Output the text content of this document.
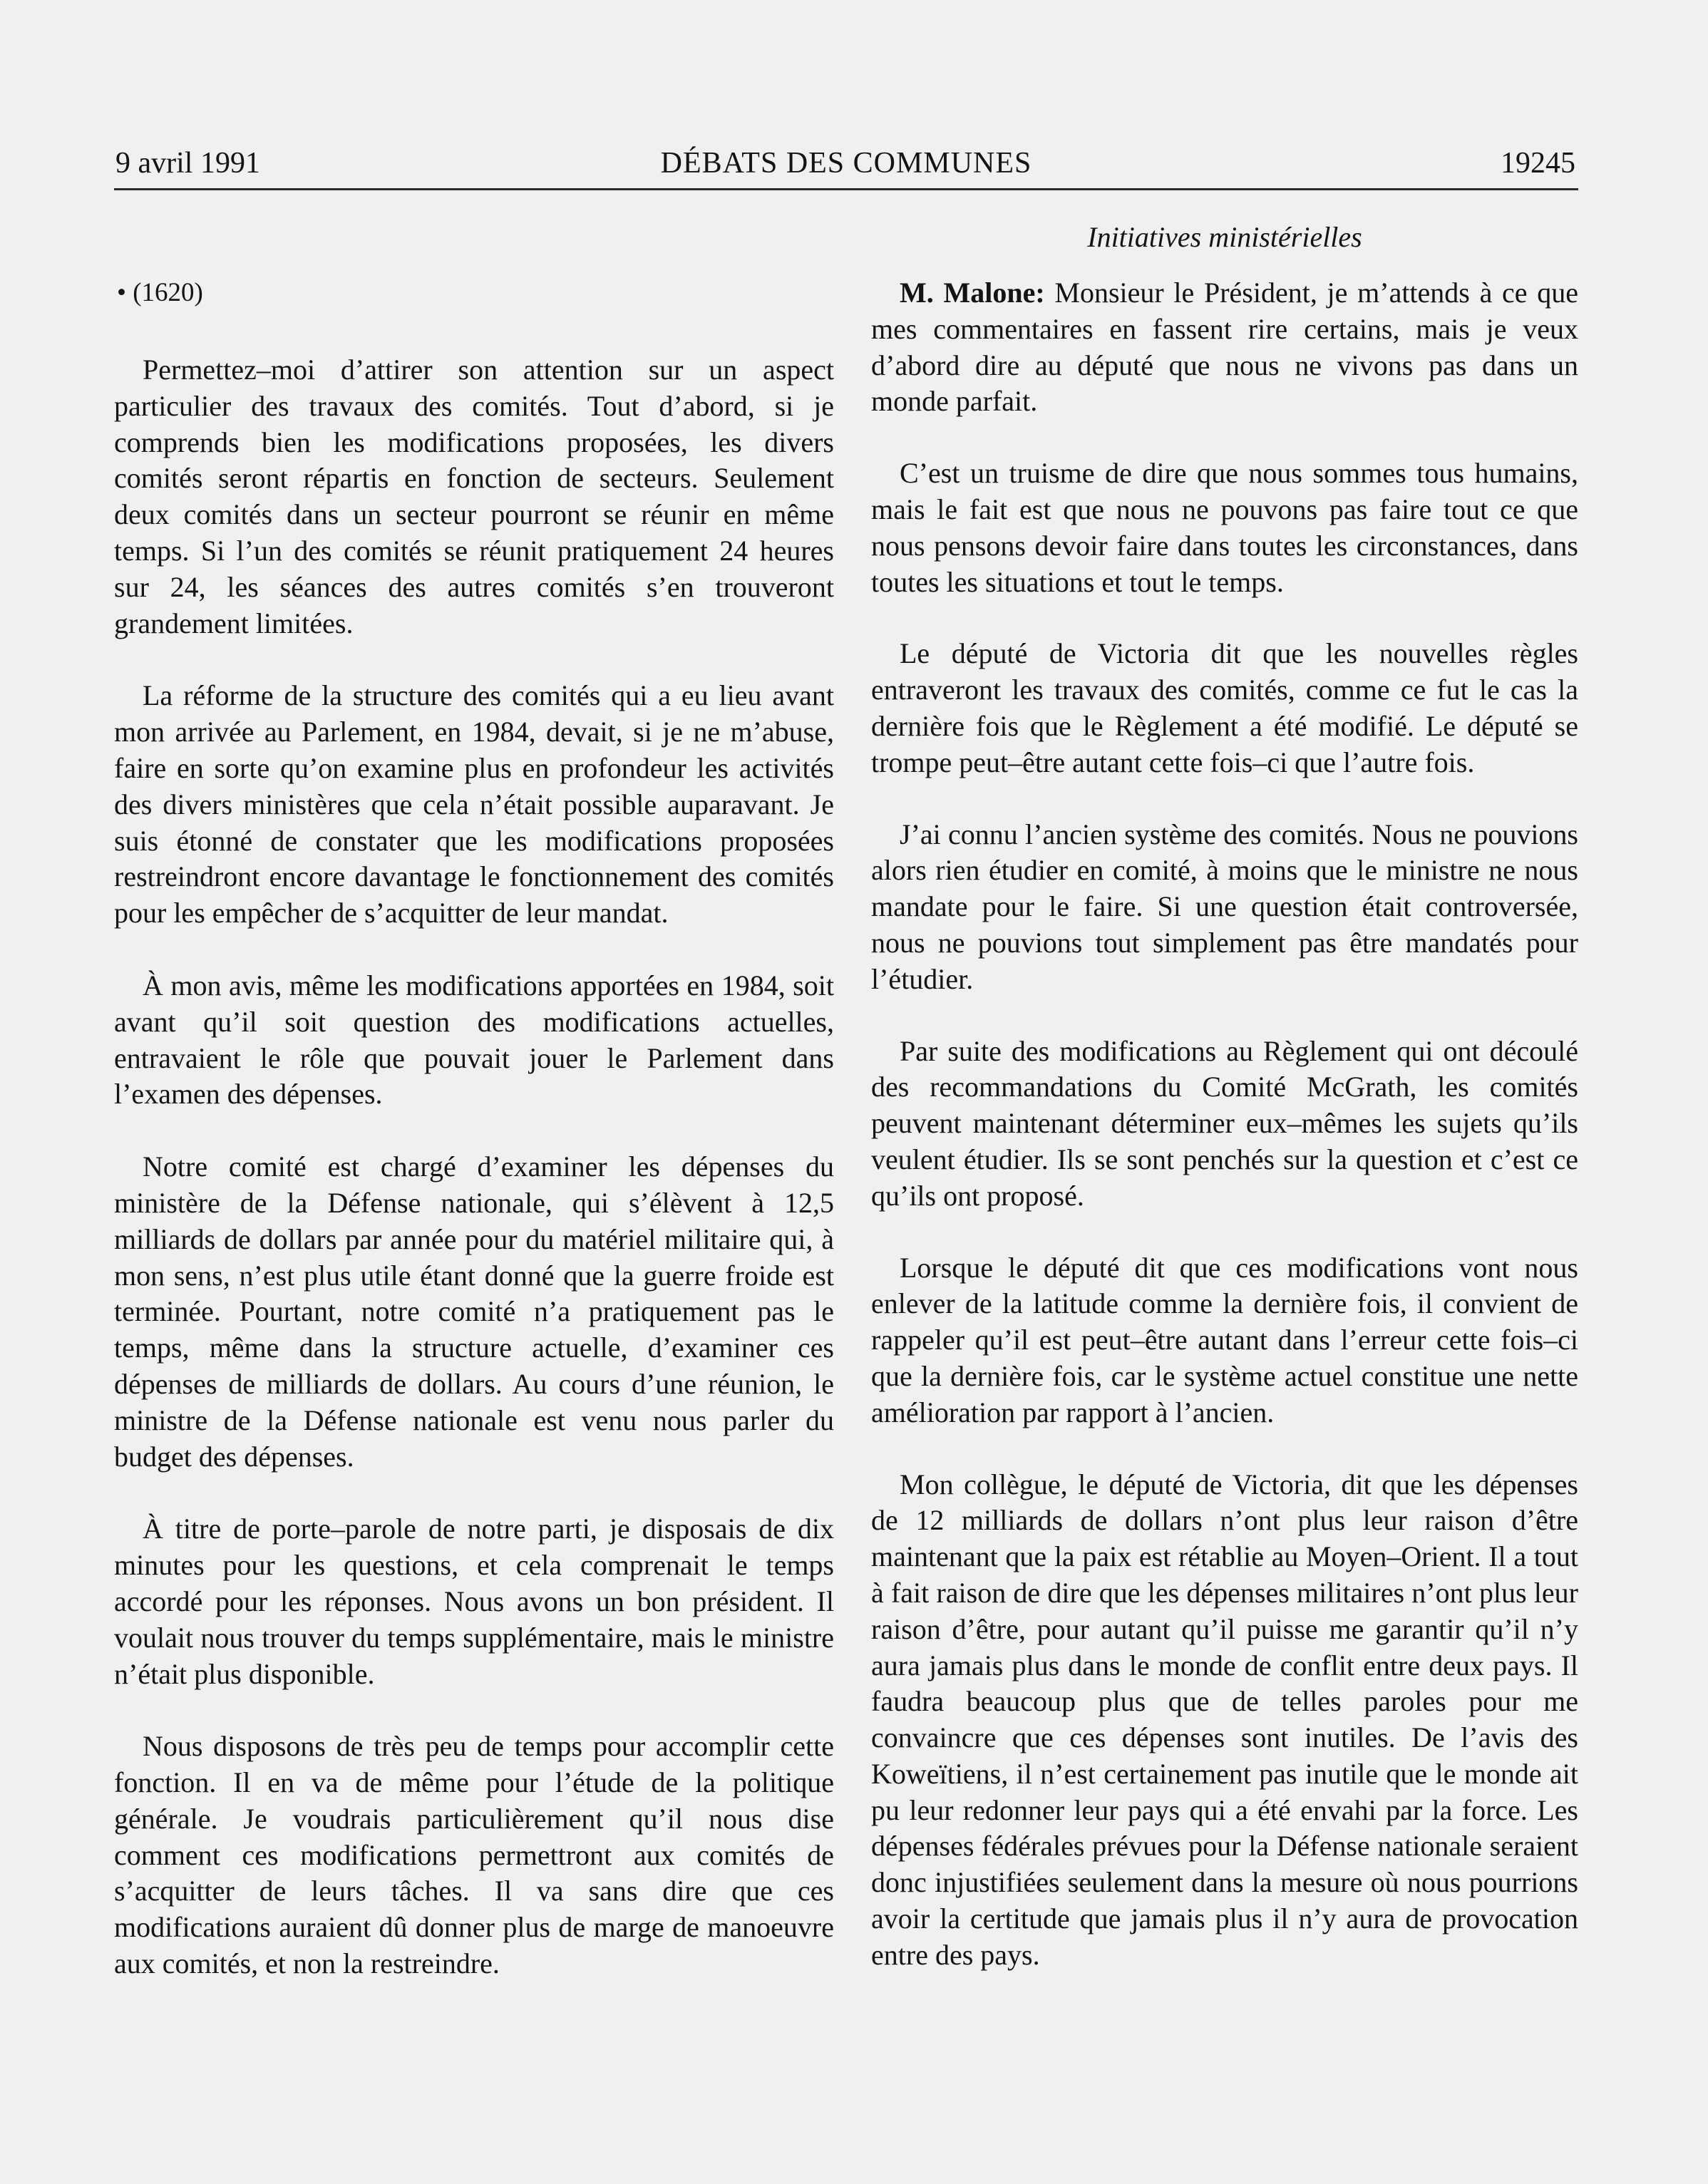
9 avril 1991	DÉBATS DES COMMUNES	19245
Initiatives ministérielles
• (1620)

Permettez–moi d’attirer son attention sur un aspect particulier des travaux des comités. Tout d’abord, si je comprends bien les modifications proposées, les divers comités seront répartis en fonction de secteurs. Seulement deux comités dans un secteur pourront se réunir en même temps. Si l’un des comités se réunit pratiquement 24 heures sur 24, les séances des autres comités s’en trouveront grandement limitées.

La réforme de la structure des comités qui a eu lieu avant mon arrivée au Parlement, en 1984, devait, si je ne m’abuse, faire en sorte qu’on examine plus en profondeur les activités des divers ministères que cela n’était possible auparavant. Je suis étonné de constater que les modifications proposées restreindront encore davantage le fonctionnement des comités pour les empêcher de s’acquitter de leur mandat.

À mon avis, même les modifications apportées en 1984, soit avant qu’il soit question des modifications actuelles, entravaient le rôle que pouvait jouer le Parlement dans l’examen des dépenses.

Notre comité est chargé d’examiner les dépenses du ministère de la Défense nationale, qui s’élèvent à 12,5 milliards de dollars par année pour du matériel militaire qui, à mon sens, n’est plus utile étant donné que la guerre froide est terminée. Pourtant, notre comité n’a pratiquement pas le temps, même dans la structure actuelle, d’examiner ces dépenses de milliards de dollars. Au cours d’une réunion, le ministre de la Défense nationale est venu nous parler du budget des dépenses.

À titre de porte–parole de notre parti, je disposais de dix minutes pour les questions, et cela comprenait le temps accordé pour les réponses. Nous avons un bon président. Il voulait nous trouver du temps supplémentaire, mais le ministre n’était plus disponible.

Nous disposons de très peu de temps pour accomplir cette fonction. Il en va de même pour l’étude de la politique générale. Je voudrais particulièrement qu’il nous dise comment ces modifications permettront aux comités de s’acquitter de leurs tâches. Il va sans dire que ces modifications auraient dû donner plus de marge de manoeuvre aux comités, et non la restreindre.

M. Malone: Monsieur le Président, je m’attends à ce que mes commentaires en fassent rire certains, mais je veux d’abord dire au député que nous ne vivons pas dans un monde parfait.

C’est un truisme de dire que nous sommes tous humains, mais le fait est que nous ne pouvons pas faire tout ce que nous pensons devoir faire dans toutes les circonstances, dans toutes les situations et tout le temps.

Le député de Victoria dit que les nouvelles règles entraveront les travaux des comités, comme ce fut le cas la dernière fois que le Règlement a été modifié. Le député se trompe peut–être autant cette fois–ci que l’autre fois.

J’ai connu l’ancien système des comités. Nous ne pouvions alors rien étudier en comité, à moins que le ministre ne nous mandate pour le faire. Si une question était controversée, nous ne pouvions tout simplement pas être mandatés pour l’étudier.

Par suite des modifications au Règlement qui ont découlé des recommandations du Comité McGrath, les comités peuvent maintenant déterminer eux–mêmes les sujets qu’ils veulent étudier. Ils se sont penchés sur la question et c’est ce qu’ils ont proposé.

Lorsque le député dit que ces modifications vont nous enlever de la latitude comme la dernière fois, il convient de rappeler qu’il est peut–être autant dans l’erreur cette fois–ci que la dernière fois, car le système actuel constitue une nette amélioration par rapport à l’ancien.

Mon collègue, le député de Victoria, dit que les dépenses de 12 milliards de dollars n’ont plus leur raison d’être maintenant que la paix est rétablie au Moyen–Orient. Il a tout à fait raison de dire que les dépenses militaires n’ont plus leur raison d’être, pour autant qu’il puisse me garantir qu’il n’y aura jamais plus dans le monde de conflit entre deux pays. Il faudra beaucoup plus que de telles paroles pour me convaincre que ces dépenses sont inutiles. De l’avis des Koweïtiens, il n’est certainement pas inutile que le monde ait pu leur redonner leur pays qui a été envahi par la force. Les dépenses fédérales prévues pour la Défense nationale seraient donc injustifiées seulement dans la mesure où nous pourrions avoir la certitude que jamais plus il n’y aura de provocation entre des pays.
